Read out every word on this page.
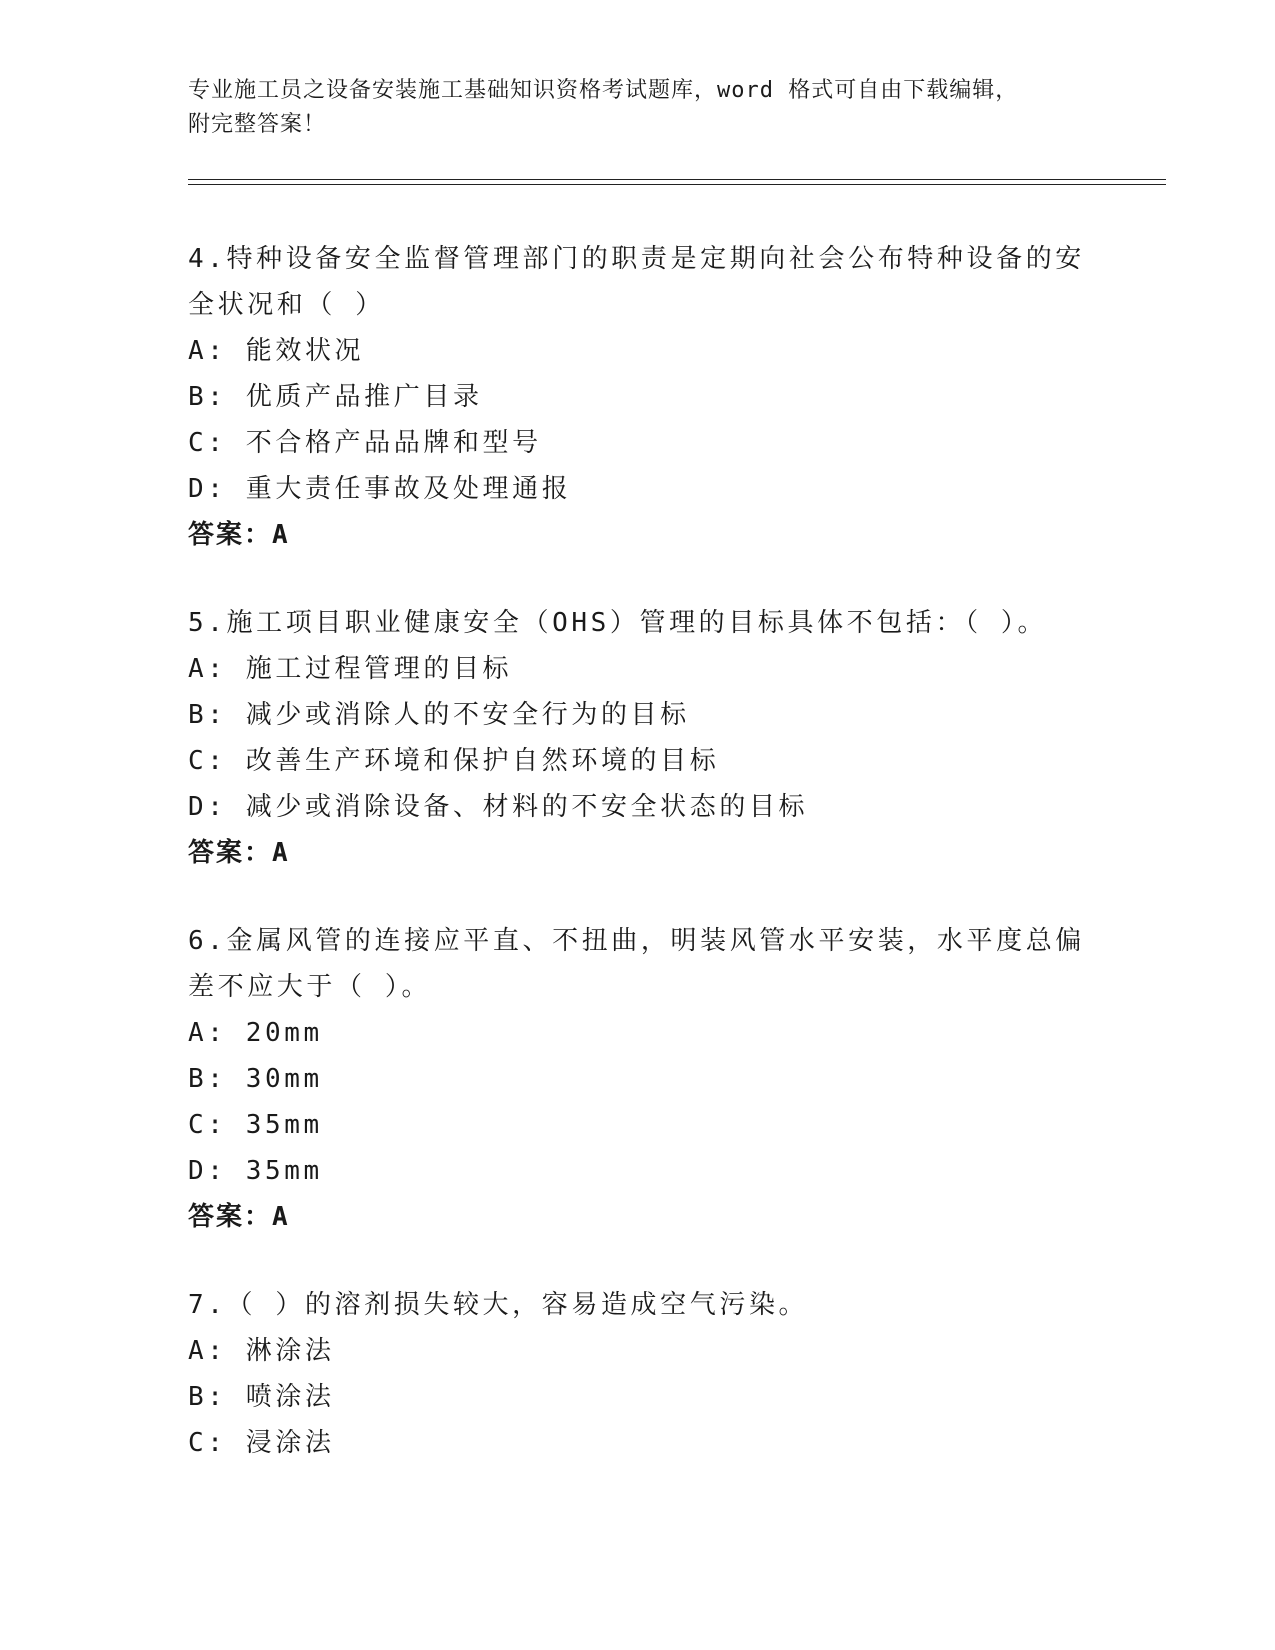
专业施工员之设备安装施工基础知识资格考试题库，word 格式可自由下载编辑，

附完整答案！

4.特种设备安全监督管理部门的职责是定期向社会公布特种设备的安全状况和（ ）

A: 能效状况

B: 优质产品推广目录

C: 不合格产品品牌和型号

D: 重大责任事故及处理通报

答案：A

5.施工项目职业健康安全（OHS）管理的目标具体不包括：（ ）。

A: 施工过程管理的目标

B: 减少或消除人的不安全行为的目标

C: 改善生产环境和保护自然环境的目标

D: 减少或消除设备、材料的不安全状态的目标

答案：A

6.金属风管的连接应平直、不扭曲，明装风管水平安装，水平度总偏差不应大于（ ）。

A: 20mm

B: 30mm

C: 35mm

D: 35mm

答案：A

7.（ ）的溶剂损失较大，容易造成空气污染。

A: 淋涂法

B: 喷涂法

C: 浸涂法
